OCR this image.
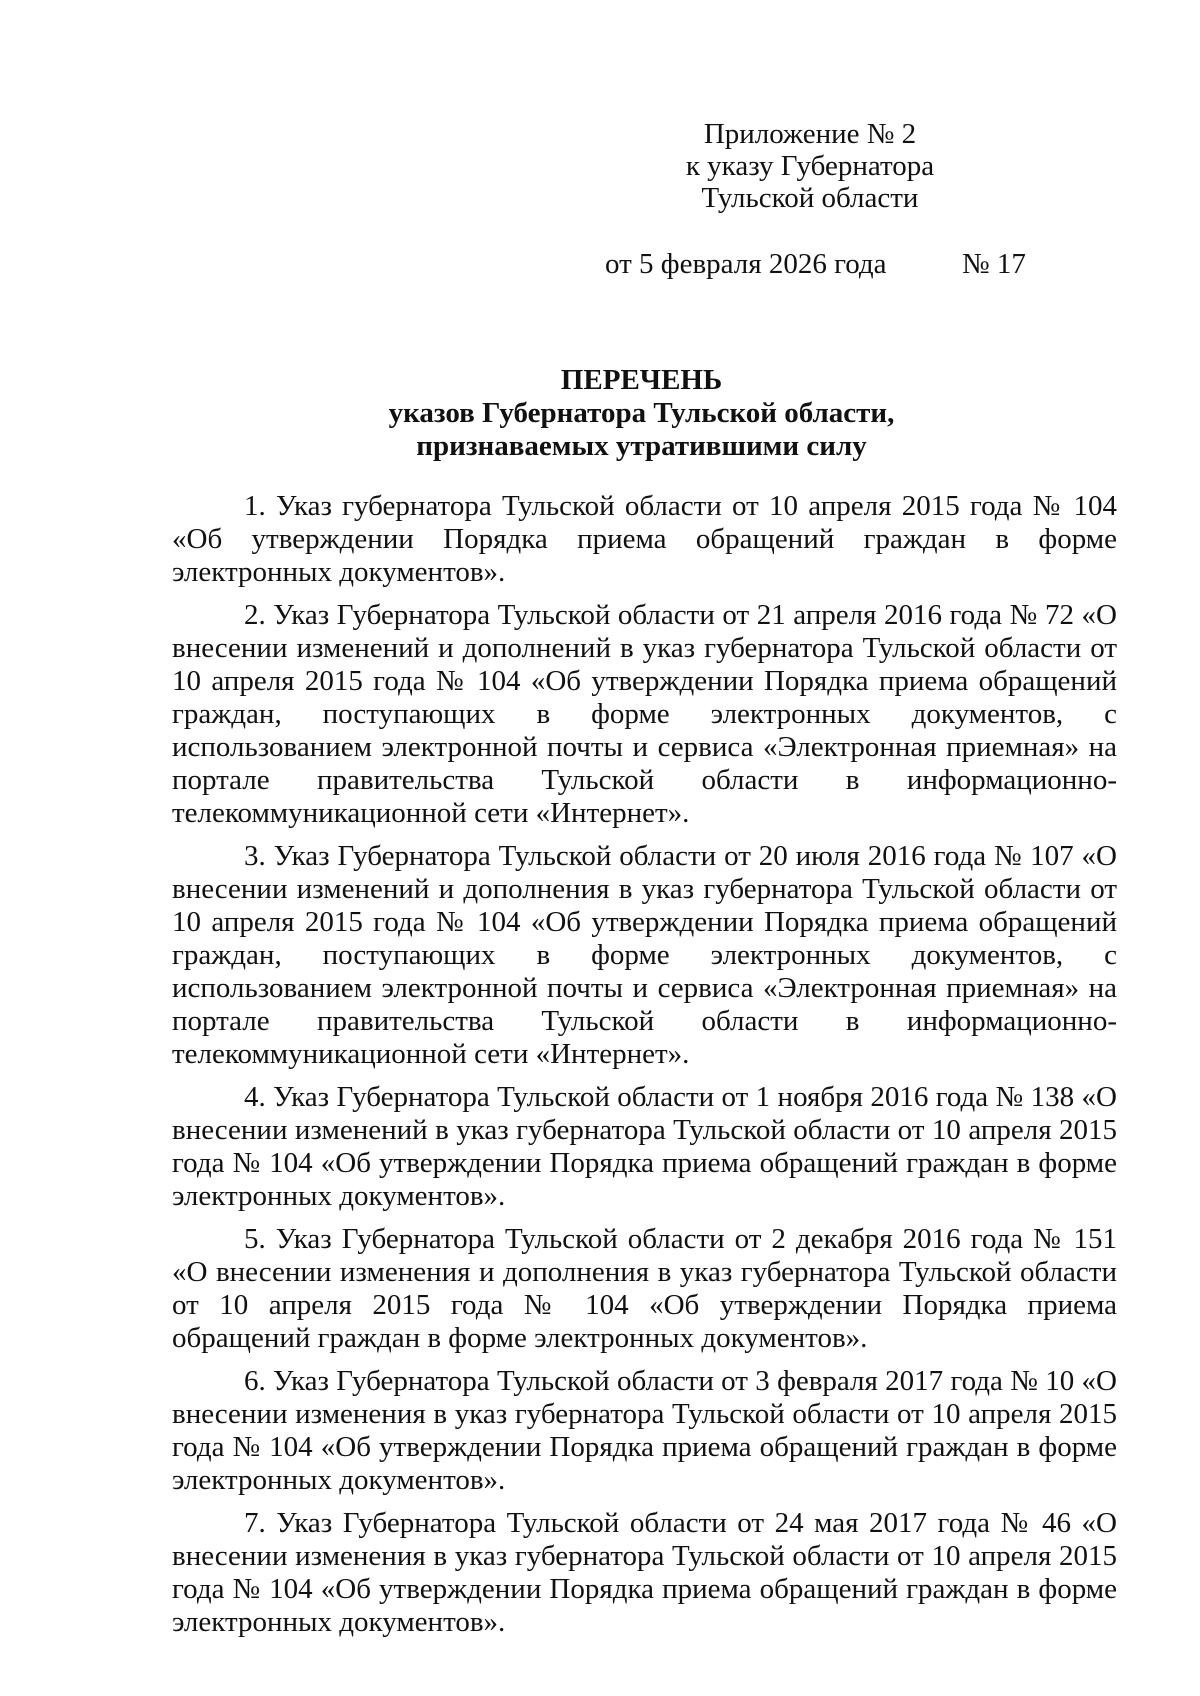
Приложение № 2
к указу Губернатора
Тульской области
от 5 февраля 2026 года	№ 17
ПЕРЕЧЕНЬ
указов Губернатора Тульской области,
признаваемых утратившими силу

1. Указ губернатора Тульской области от 10 апреля 2015 года № 104 «Об утверждении Порядка приема обращений граждан в форме электронных документов».

2. Указ Губернатора Тульской области от 21 апреля 2016 года № 72 «О внесении изменений и дополнений в указ губернатора Тульской области от 10 апреля 2015 года № 104 «Об утверждении Порядка приема обращений граждан, поступающих в форме электронных документов, с использованием электронной почты и сервиса «Электронная приемная» на портале правительства Тульской области в информационно-телекоммуникационной сети «Интернет».

3. Указ Губернатора Тульской области от 20 июля 2016 года № 107 «О внесении изменений и дополнения в указ губернатора Тульской области от 10 апреля 2015 года № 104 «Об утверждении Порядка приема обращений граждан, поступающих в форме электронных документов, с использованием электронной почты и сервиса «Электронная приемная» на портале правительства Тульской области в информационно-телекоммуникационной сети «Интернет».

4. Указ Губернатора Тульской области от 1 ноября 2016 года № 138 «О внесении изменений в указ губернатора Тульской области от 10 апреля 2015 года № 104 «Об утверждении Порядка приема обращений граждан в форме электронных документов».

5. Указ Губернатора Тульской области от 2 декабря 2016 года № 151 «О внесении изменения и дополнения в указ губернатора Тульской области от 10 апреля 2015 года № 104 «Об утверждении Порядка приема обращений граждан в форме электронных документов».

6. Указ Губернатора Тульской области от 3 февраля 2017 года № 10 «О внесении изменения в указ губернатора Тульской области от 10 апреля 2015 года № 104 «Об утверждении Порядка приема обращений граждан в форме электронных документов».

7. Указ Губернатора Тульской области от 24 мая 2017 года № 46 «О внесении изменения в указ губернатора Тульской области от 10 апреля 2015 года № 104 «Об утверждении Порядка приема обращений граждан в форме электронных документов».
